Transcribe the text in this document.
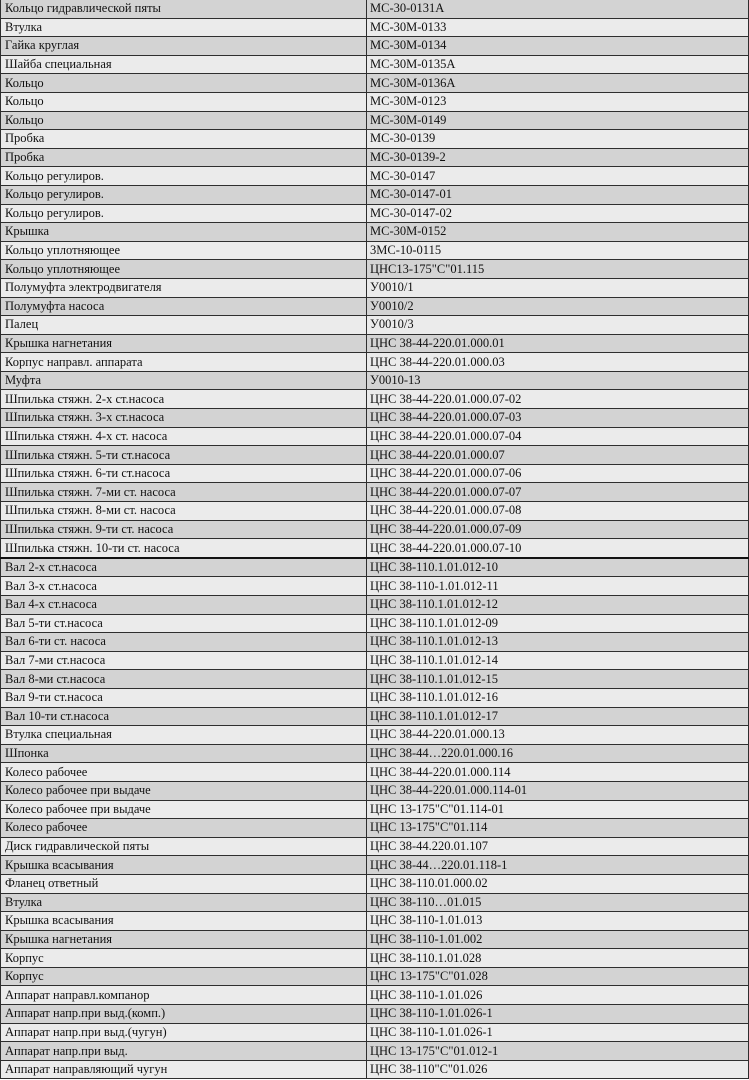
Кольцо гидравлической пяты	МС-30-0131А
Втулка	МС-30М-0133
Гайка круглая	МС-30М-0134
Шайба специальная	МС-30М-0135А
Кольцо	МС-30М-0136А
Кольцо	МС-30М-0123
Кольцо	МС-30М-0149
Пробка	МС-30-0139
Пробка	МС-30-0139-2
Кольцо регулиров.	МС-30-0147
Кольцо регулиров.	МС-30-0147-01
Кольцо регулиров.	МС-30-0147-02
Крышка	МС-30М-0152
Кольцо уплотняющее	3МС-10-0115
Кольцо уплотняющее	ЦНС13-175"С"01.115
Полумуфта электродвигателя	У0010/1
Полумуфта насоса	У0010/2
Палец	У0010/3
Крышка нагнетания	ЦНС 38-44-220.01.000.01
Корпус направл. аппарата	ЦНС 38-44-220.01.000.03
Муфта	У0010-13
Шпилька стяжн. 2-х ст.насоса	ЦНС 38-44-220.01.000.07-02
Шпилька стяжн. 3-х ст.насоса	ЦНС 38-44-220.01.000.07-03
Шпилька стяжн. 4-х ст. насоса	ЦНС 38-44-220.01.000.07-04
Шпилька стяжн. 5-ти ст.насоса	ЦНС 38-44-220.01.000.07
Шпилька стяжн. 6-ти ст.насоса	ЦНС 38-44-220.01.000.07-06
Шпилька стяжн. 7-ми ст. насоса	ЦНС 38-44-220.01.000.07-07
Шпилька стяжн. 8-ми ст. насоса	ЦНС 38-44-220.01.000.07-08
Шпилька стяжн. 9-ти ст. насоса	ЦНС 38-44-220.01.000.07-09
Шпилька стяжн. 10-ти ст. насоса	ЦНС 38-44-220.01.000.07-10
Вал 2-х ст.насоса	ЦНС 38-110.1.01.012-10
Вал 3-х ст.насоса	ЦНС 38-110-1.01.012-11
Вал 4-х ст.насоса	ЦНС 38-110.1.01.012-12
Вал 5-ти ст.насоса	ЦНС 38-110.1.01.012-09
Вал 6-ти ст. насоса	ЦНС 38-110.1.01.012-13
Вал 7-ми ст.насоса	ЦНС 38-110.1.01.012-14
Вал 8-ми ст.насоса	ЦНС 38-110.1.01.012-15
Вал 9-ти ст.насоса	ЦНС 38-110.1.01.012-16
Вал 10-ти ст.насоса	ЦНС 38-110.1.01.012-17
Втулка специальная	ЦНС 38-44-220.01.000.13
Шпонка	ЦНС 38-44…220.01.000.16
Колесо рабочее	ЦНС 38-44-220.01.000.114
Колесо рабочее при выдаче	ЦНС 38-44-220.01.000.114-01
Колесо рабочее при выдаче	ЦНС 13-175"С"01.114-01
Колесо рабочее	ЦНС 13-175"С"01.114
Диск гидравлической пяты	ЦНС 38-44.220.01.107
Крышка всасывания	ЦНС 38-44…220.01.118-1
Фланец ответный	ЦНС 38-110.01.000.02
Втулка	ЦНС 38-110…01.015
Крышка всасывания	ЦНС 38-110-1.01.013
Крышка нагнетания	ЦНС 38-110-1.01.002
Корпус	ЦНС 38-110.1.01.028
Корпус	ЦНС 13-175"С"01.028
Аппарат направл.компанор	ЦНС 38-110-1.01.026
Аппарат напр.при выд.(комп.)	ЦНС 38-110-1.01.026-1
Аппарат напр.при выд.(чугун)	ЦНС 38-110-1.01.026-1
Аппарат напр.при выд.	ЦНС 13-175"С"01.012-1
Аппарат направляющий чугун	ЦНС 38-110"С"01.026
